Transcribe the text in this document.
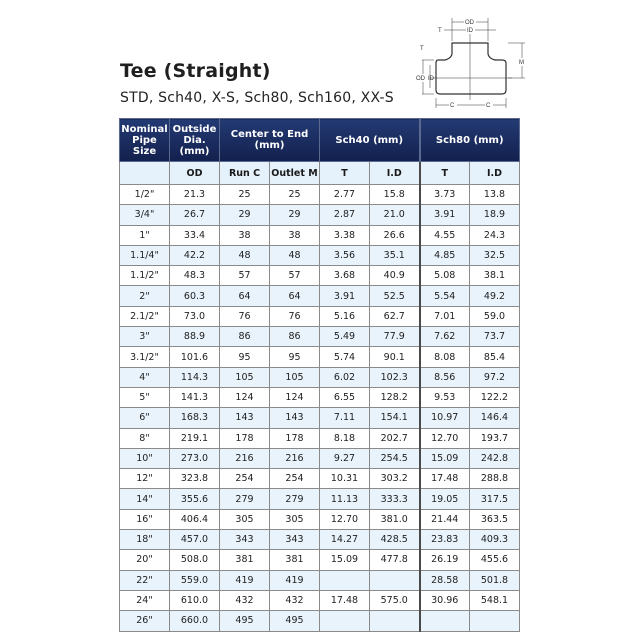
Tee (Straight)
STD, Sch40, X-S, Sch80, Sch160, XX-S
OD
T	ID
T
OD ID
M
C	C
Nominal Pipe Size	Outside Dia. (mm)	Center to End (mm)		Sch40 (mm)		Sch80 (mm)	
	OD	Run C	Outlet M	T	I.D	T	I.D
1/2"	21.3	25	25	2.77	15.8	3.73	13.8
3/4"	26.7	29	29	2.87	21.0	3.91	18.9
1"	33.4	38	38	3.38	26.6	4.55	24.3
1.1/4"	42.2	48	48	3.56	35.1	4.85	32.5
1.1/2"	48.3	57	57	3.68	40.9	5.08	38.1
2"	60.3	64	64	3.91	52.5	5.54	49.2
2.1/2"	73.0	76	76	5.16	62.7	7.01	59.0
3"	88.9	86	86	5.49	77.9	7.62	73.7
3.1/2"	101.6	95	95	5.74	90.1	8.08	85.4
4"	114.3	105	105	6.02	102.3	8.56	97.2
5"	141.3	124	124	6.55	128.2	9.53	122.2
6"	168.3	143	143	7.11	154.1	10.97	146.4
8"	219.1	178	178	8.18	202.7	12.70	193.7
10"	273.0	216	216	9.27	254.5	15.09	242.8
12"	323.8	254	254	10.31	303.2	17.48	288.8
14"	355.6	279	279	11.13	333.3	19.05	317.5
16"	406.4	305	305	12.70	381.0	21.44	363.5
18"	457.0	343	343	14.27	428.5	23.83	409.3
20"	508.0	381	381	15.09	477.8	26.19	455.6
22"	559.0	419	419			28.58	501.8
24"	610.0	432	432	17.48	575.0	30.96	548.1
26"	660.0	495	495				
